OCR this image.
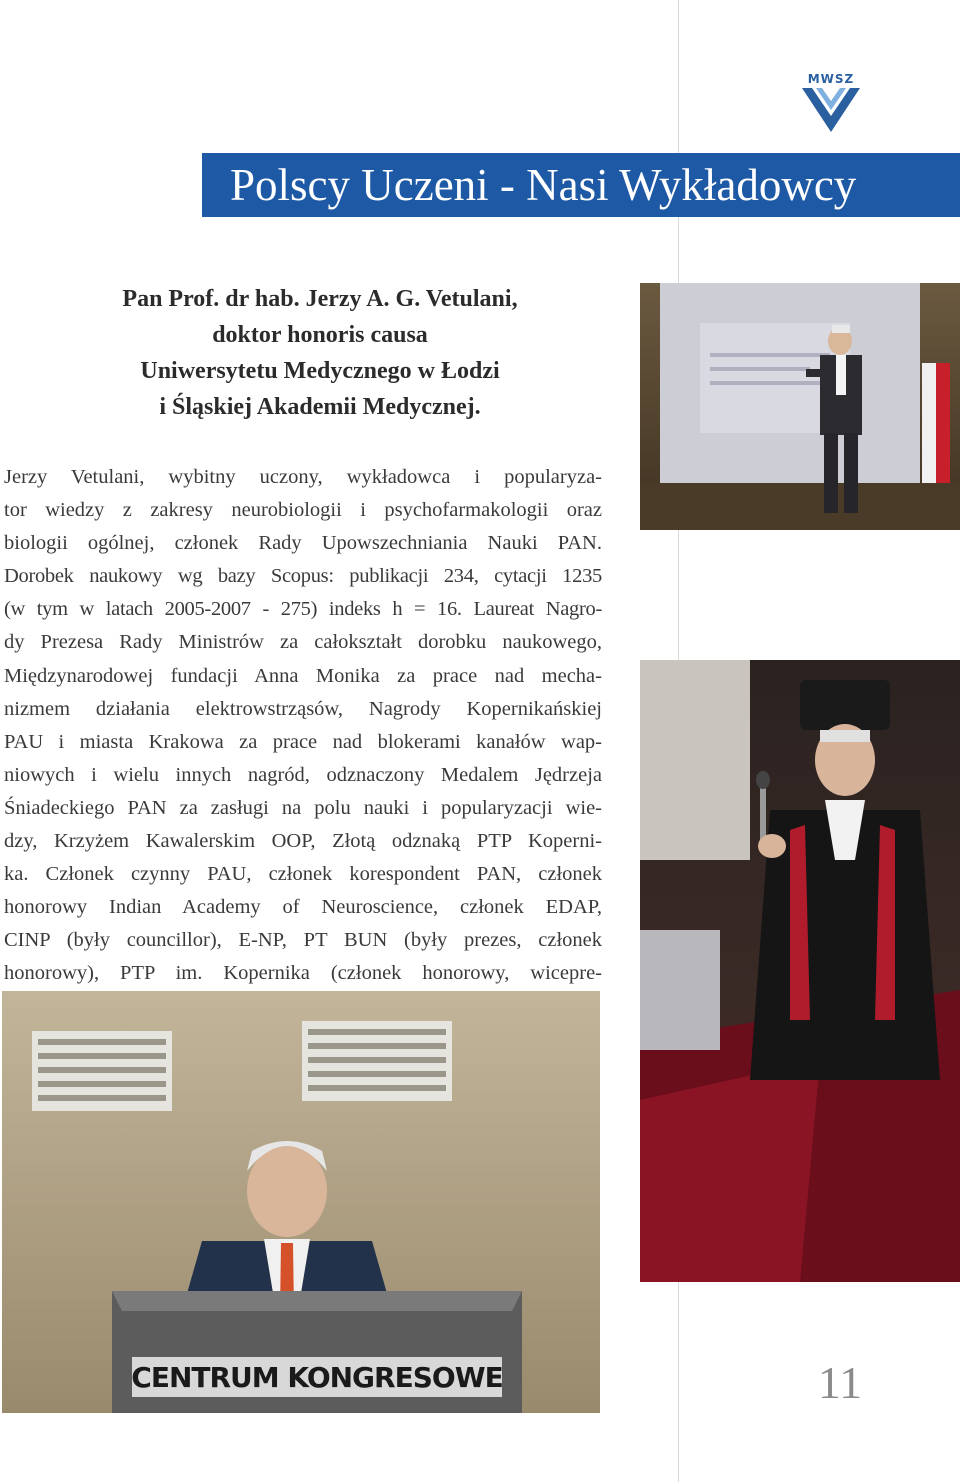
MWSZ
Polscy Uczeni - Nasi Wykładowcy
Pan Prof. dr hab. Jerzy A. G. Vetulani,
doktor honoris causa
Uniwersytetu Medycznego w Łodzi
i Śląskiej Akademii Medycznej.
Jerzy Vetulani, wybitny uczony, wykładowca i popularyza-
tor wiedzy z zakresy neurobiologii i psychofarmakologii oraz
biologii ogólnej, członek Rady Upowszechniania Nauki PAN.
Dorobek naukowy wg bazy Scopus: publikacji 234, cytacji 1235
(w tym w latach 2005-2007 - 275) indeks h = 16. Laureat Nagro-
dy Prezesa Rady Ministrów za całokształt dorobku naukowego,
Międzynarodowej fundacji Anna Monika za prace nad mecha-
nizmem działania elektrowstrząsów, Nagrody Kopernikańskiej
PAU i miasta Krakowa za prace nad blokerami kanałów wap-
niowych i wielu innych nagród, odznaczony Medalem Jędrzeja
Śniadeckiego PAN za zasługi na polu nauki i popularyzacji wie-
dzy, Krzyżem Kawalerskim OOP, Złotą odznaką PTP Koperni-
ka. Członek czynny PAU, członek korespondent PAN, członek
honorowy Indian Academy of Neuroscience, członek EDAP,
CINP (były councillor), E-NP, PT BUN (były prezes, członek
honorowy), PTP im. Kopernika (członek honorowy, wicepre-
CENTRUM KONGRESOWE	11
